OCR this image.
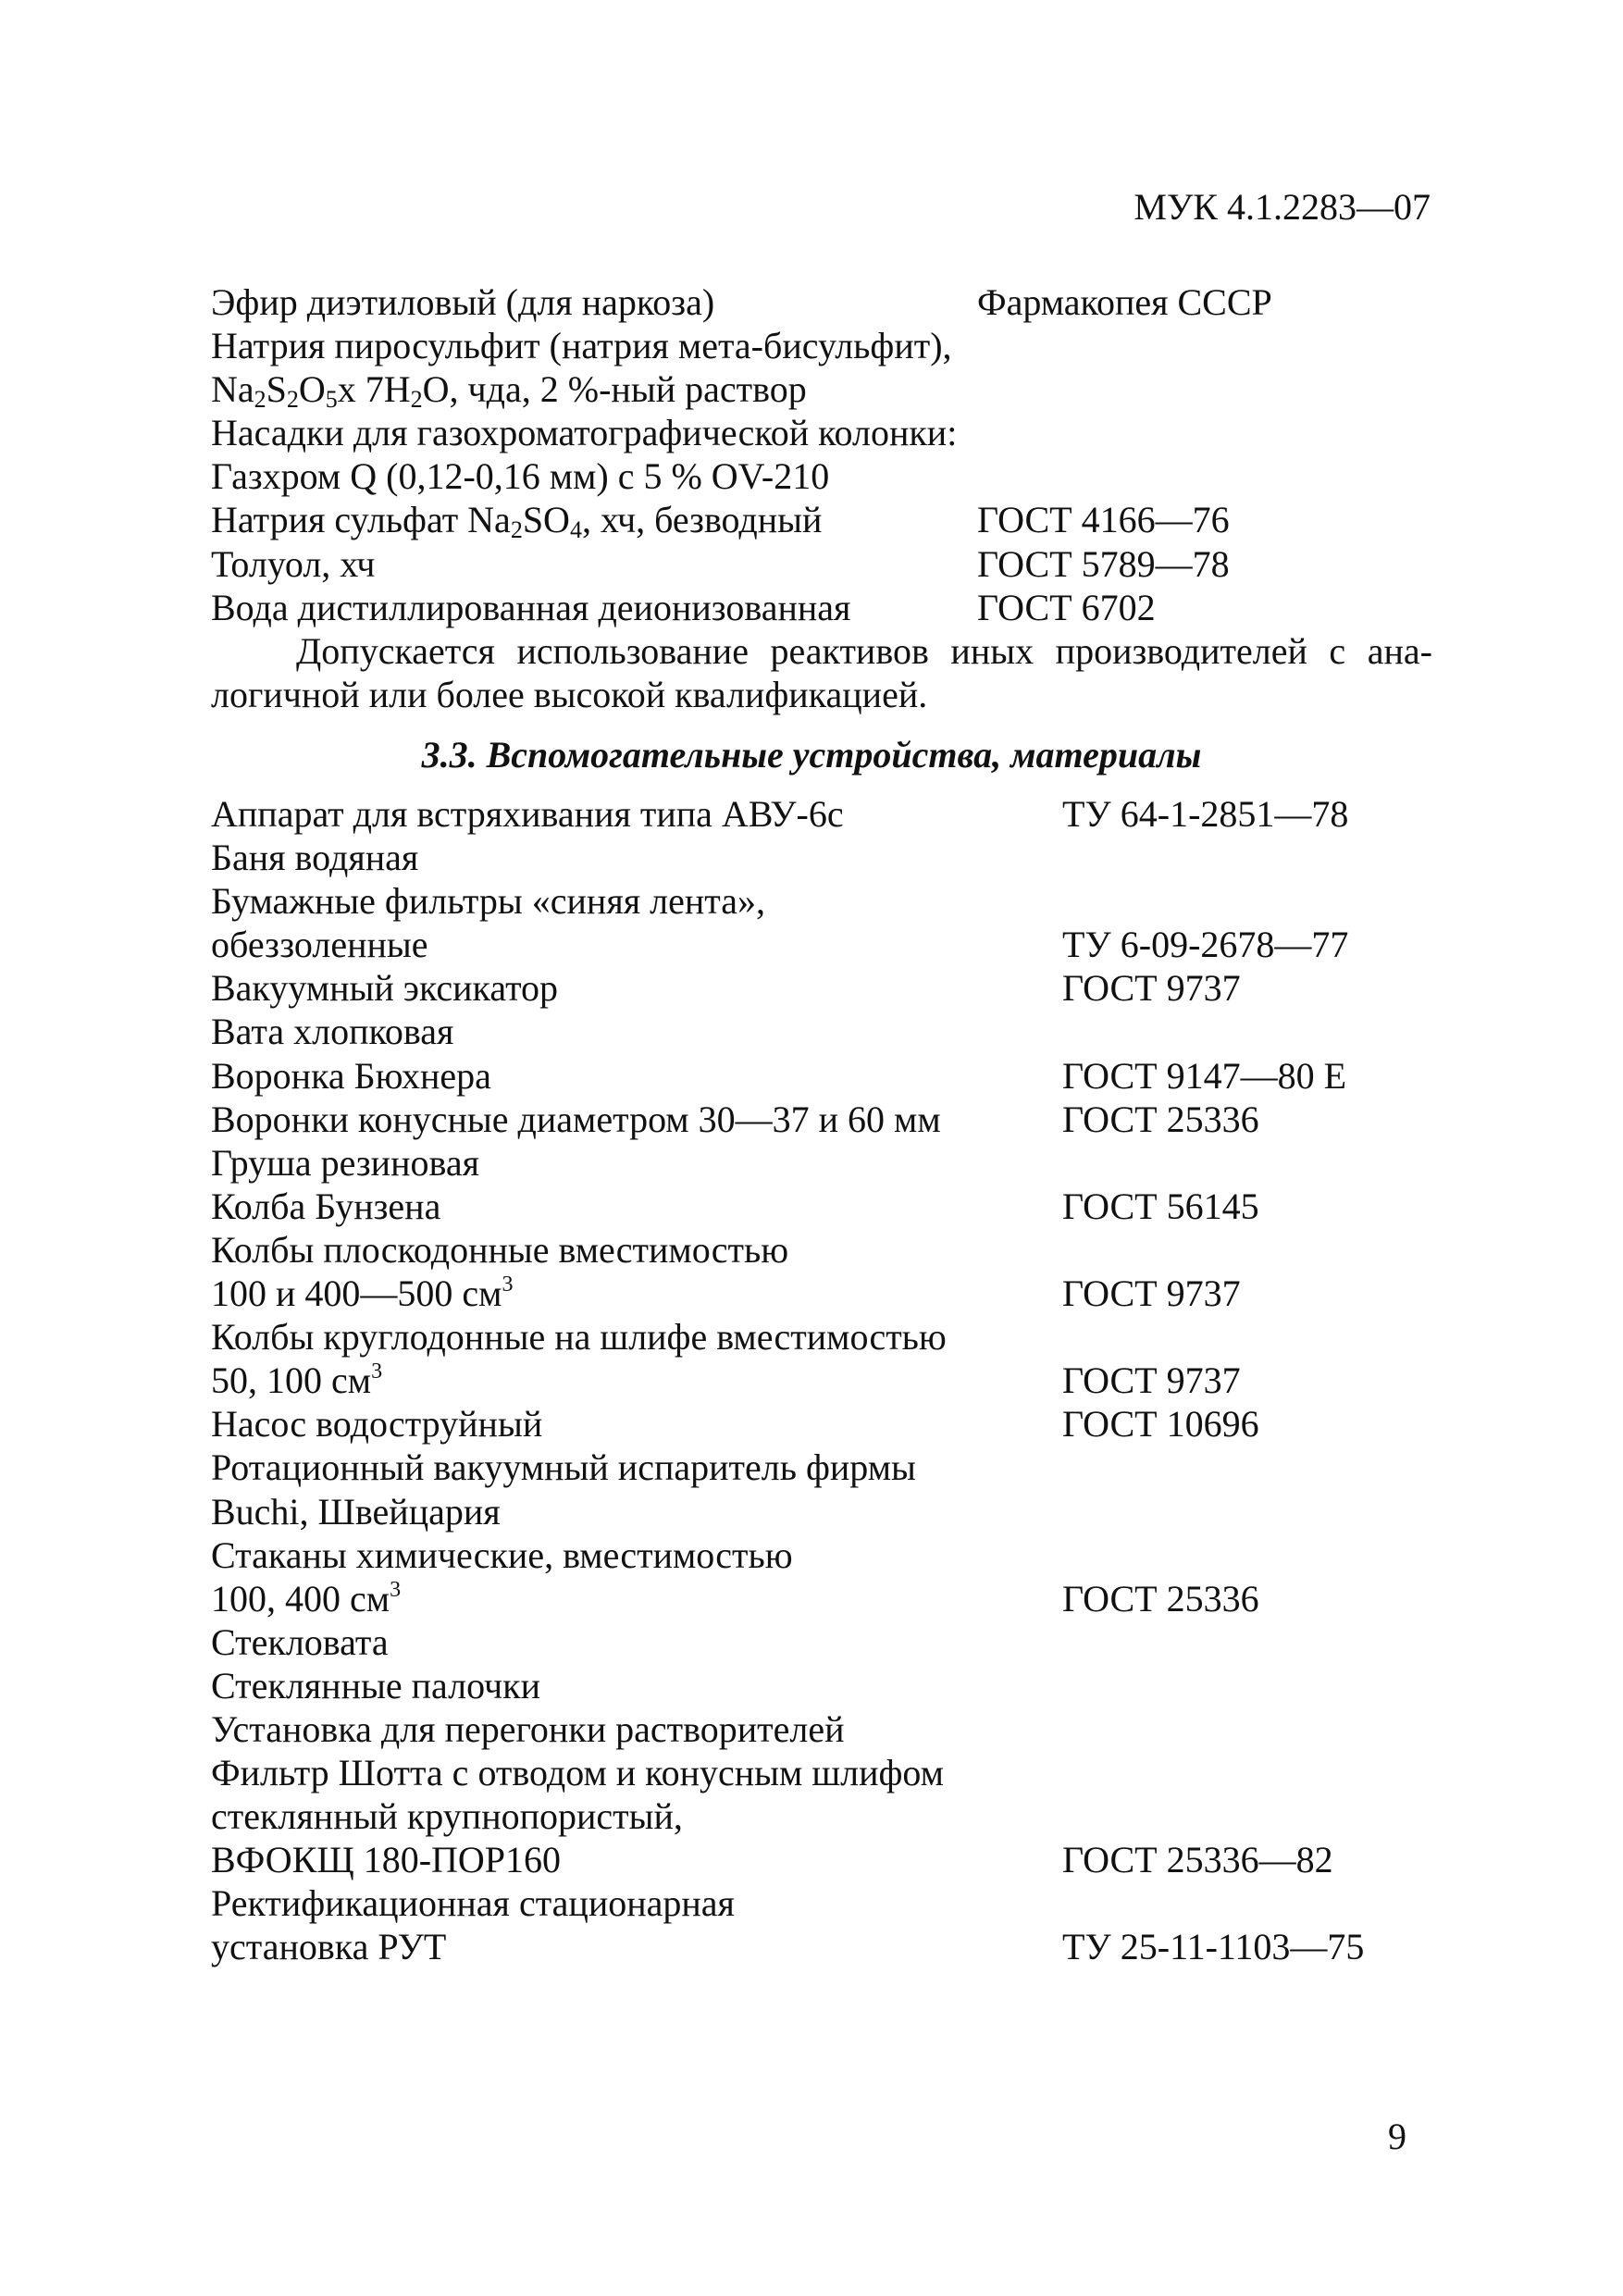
МУК 4.1.2283—07
Эфир диэтиловый (для наркоза)	Фармакопея СССР
Натрия пиросульфит (натрия мета-бисульфит),
$Na_2S_2O_5х$ $7H_2O$, чда, 2 %-ный раствор
Насадки для газохроматографической колонки:
Газхром Q (0,12-0,16 мм) с 5 % OV-210
Натрия сульфат $Na_2SO_4$, хч, безводный	ГОСТ 4166—76
Толуол, хч	ГОСТ 5789—78
Вода дистиллированная деионизованная	ГОСТ 6702
Допускается использование реактивов иных производителей с ана-
логичной или более высокой квалификацией.
3.3. Вспомогательные устройства, материалы
Аппарат для встряхивания типа АВУ-6с	ТУ 64-1-2851—78
Баня водяная
Бумажные фильтры «синяя лента»,
обеззоленные	ТУ 6-09-2678—77
Вакуумный эксикатор	ГОСТ 9737
Вата хлопковая
Воронка Бюхнера	ГОСТ 9147—80 Е
Воронки конусные диаметром 30—37 и 60 мм	ГОСТ 25336
Груша резиновая
Колба Бунзена	ГОСТ 56145
Колбы плоскодонные вместимостью
100 и 400—500 $см^3$	ГОСТ 9737
Колбы круглодонные на шлифе вместимостью
50, 100 $см^3$	ГОСТ 9737
Насос водоструйный	ГОСТ 10696
Ротационный вакуумный испаритель фирмы
Buchi, Швейцария
Стаканы химические, вместимостью
100, 400 $см^3$	ГОСТ 25336
Стекловата
Стеклянные палочки
Установка для перегонки растворителей
Фильтр Шотта с отводом и конусным шлифом
стеклянный крупнопористый,
ВФОКЩ 180-ПОР160	ГОСТ 25336—82
Ректификационная стационарная
установка РУТ	ТУ 25-11-1103—75
9
